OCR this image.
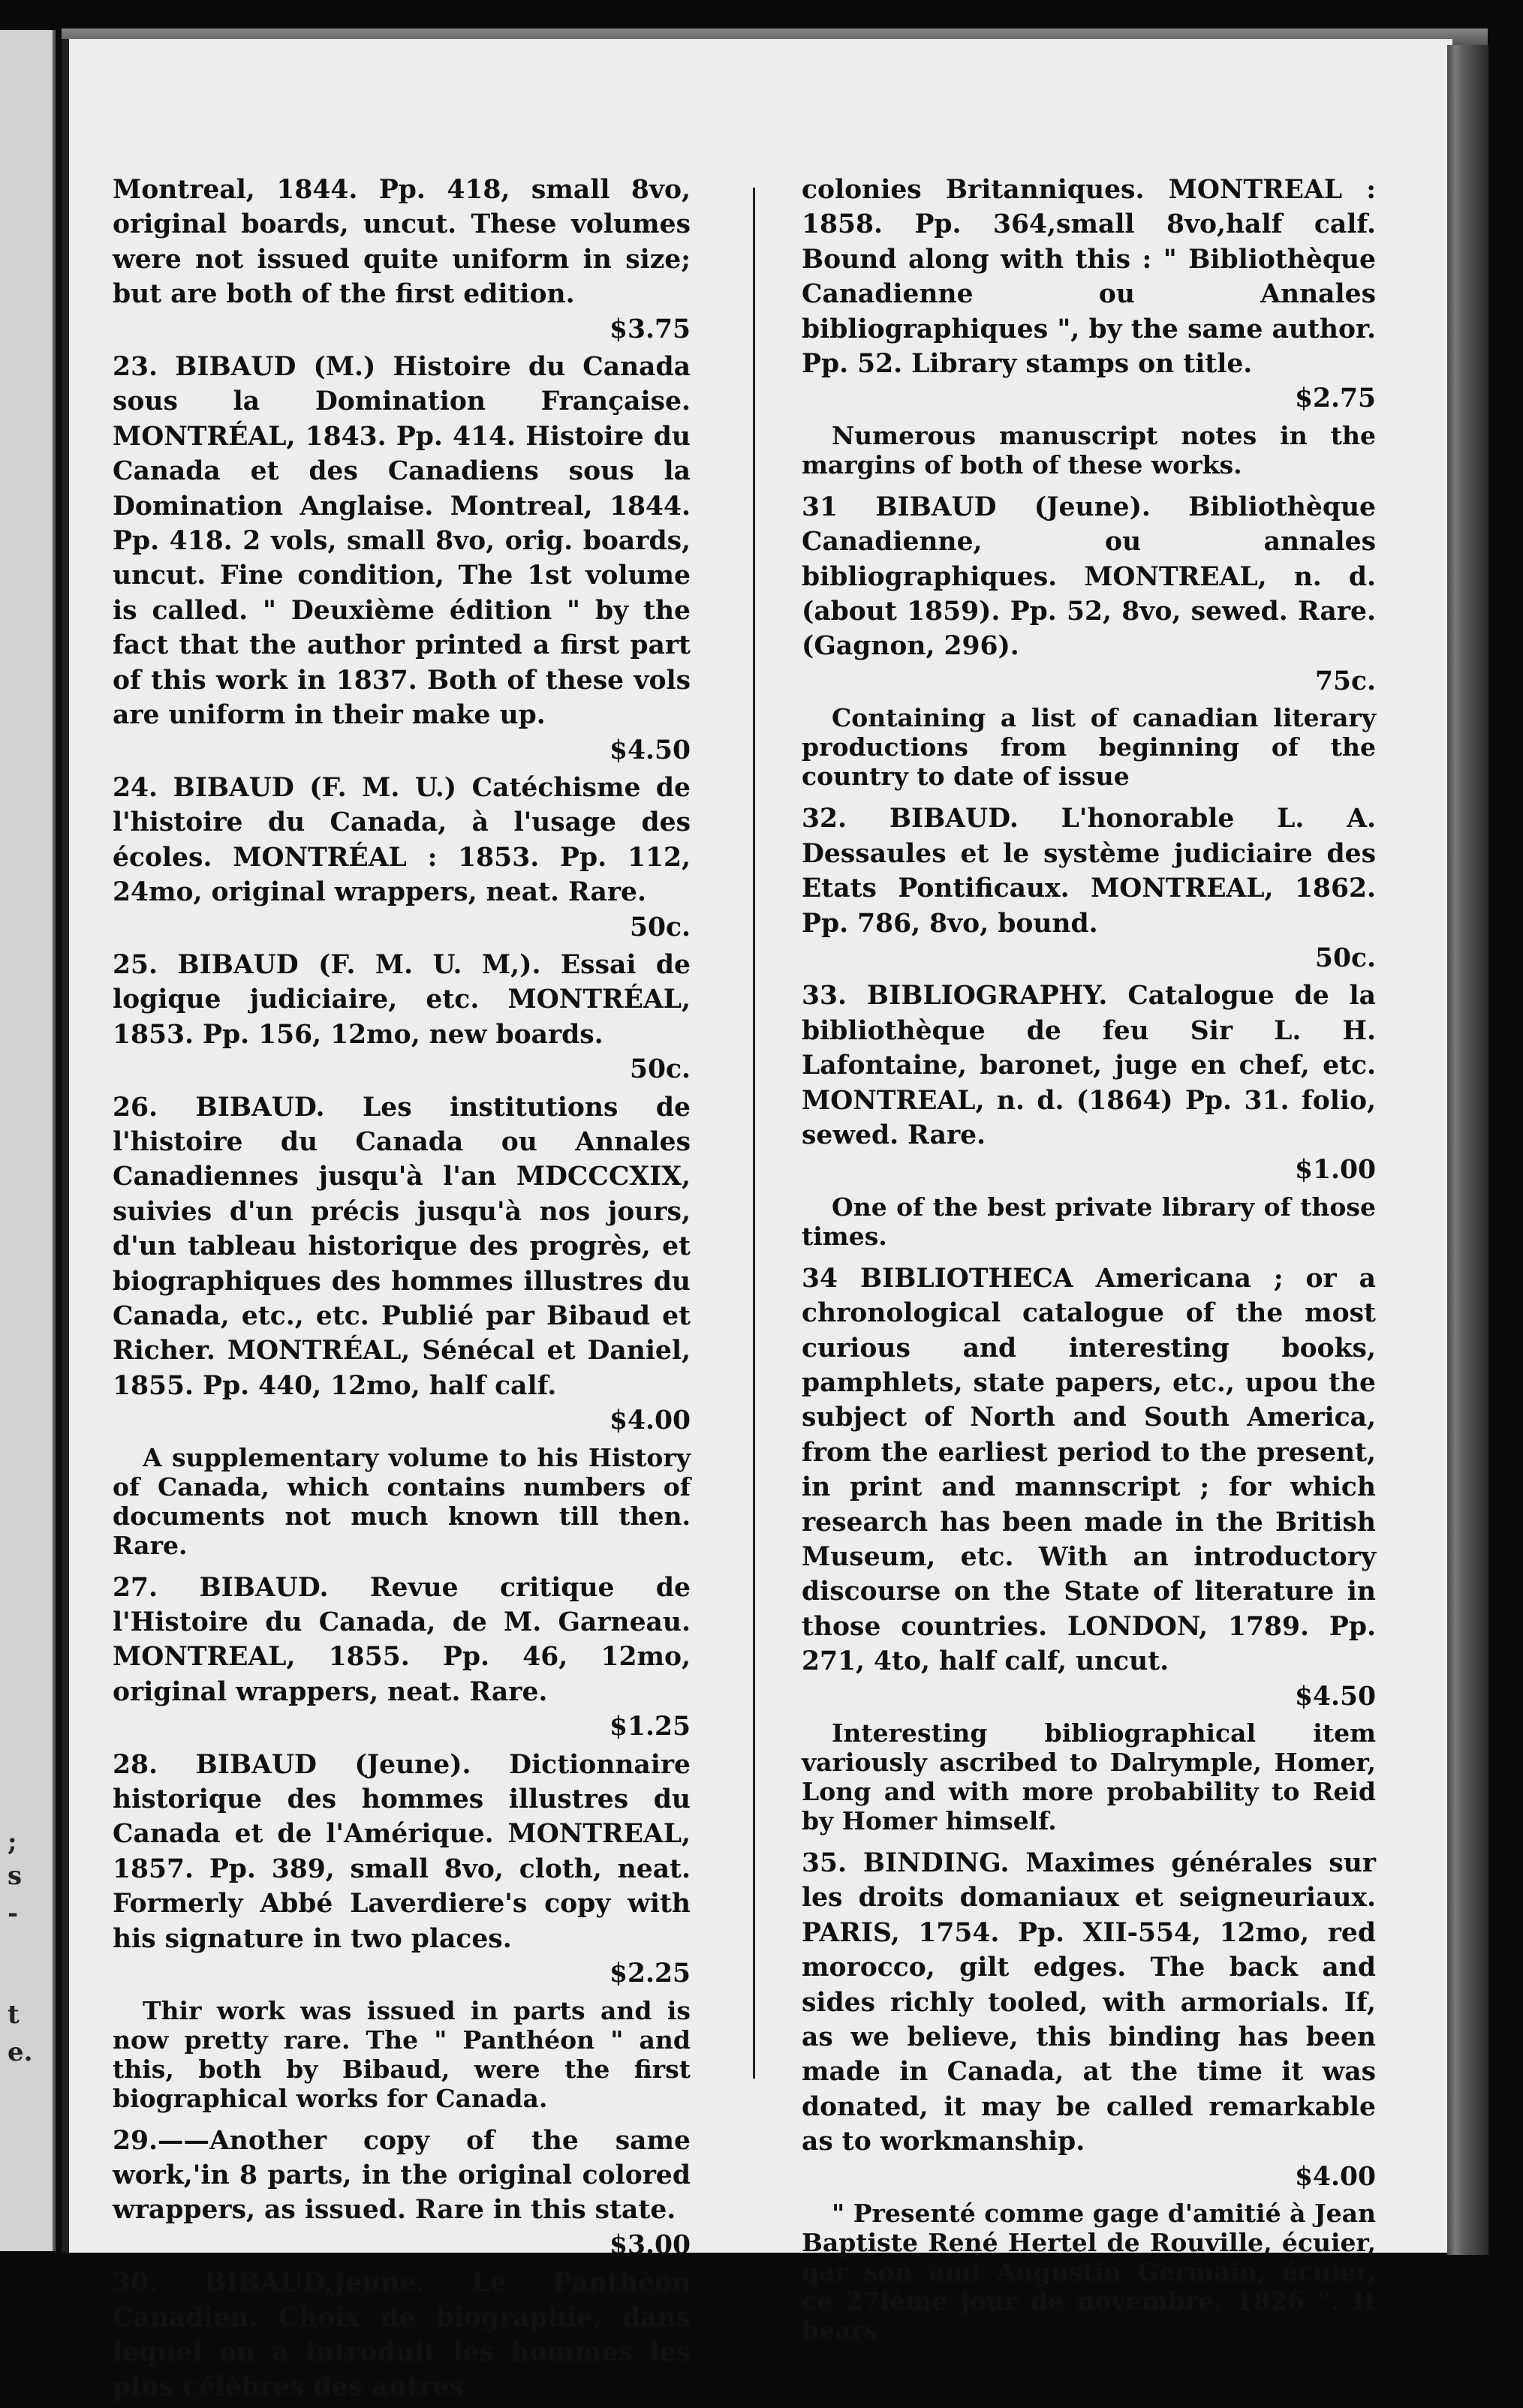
;
s
-
t
e.
Montreal, 1844. Pp. 418, small 8vo, original boards, uncut. These volumes were not issued quite uniform in size; but are both of the first edition.
$3.75
23. BIBAUD (M.) Histoire du Canada sous la Domination Française. MONTRÉAL, 1843. Pp. 414. Histoire du Canada et des Canadiens sous la Domination Anglaise. Montreal, 1844. Pp. 418. 2 vols, small 8vo, orig. boards, uncut. Fine condition, The 1st volume is called. " Deuxième édition " by the fact that the author printed a first part of this work in 1837. Both of these vols are uniform in their make up.
$4.50
24. BIBAUD (F. M. U.) Catéchisme de l'histoire du Canada, à l'usage des écoles. MONTRÉAL : 1853. Pp. 112, 24mo, original wrappers, neat. Rare.
50c.
25. BIBAUD (F. M. U. M,). Essai de logique judiciaire, etc. MONTRÉAL, 1853. Pp. 156, 12mo, new boards.
50c.
26. BIBAUD. Les institutions de l'histoire du Canada ou Annales Canadiennes jusqu'à l'an MDCCCXIX, suivies d'un précis jusqu'à nos jours, d'un tableau historique des progrès, et biographiques des hommes illustres du Canada, etc., etc. Publié par Bibaud et Richer. MONTRÉAL, Sénécal et Daniel, 1855. Pp. 440, 12mo, half calf.
$4.00
A supplementary volume to his History of Canada, which contains numbers of documents not much known till then. Rare.
27. BIBAUD. Revue critique de l'Histoire du Canada, de M. Garneau. MONTREAL, 1855. Pp. 46, 12mo, original wrappers, neat. Rare.
$1.25
28. BIBAUD (Jeune). Dictionnaire historique des hommes illustres du Canada et de l'Amérique. MONTREAL, 1857. Pp. 389, small 8vo, cloth, neat. Formerly Abbé Laverdiere's copy with his signature in two places.
$2.25
Thir work was issued in parts and is now pretty rare. The " Panthéon " and this, both by Bibaud, were the first biographical works for Canada.
29.——Another copy of the same work,'in 8 parts, in the original colored wrappers, as issued. Rare in this state.
$3.00
30. BIBAUD,Jeune. Le Panthéon Canadien. Choix de biographie, dans lequel on a introduit les hommes les plus célèbres des autres
colonies Britanniques. MONTREAL : 1858. Pp. 364,small 8vo,half calf. Bound along with this : " Bibliothèque Canadienne ou Annales bibliographiques ", by the same author. Pp. 52. Library stamps on title.
$2.75
Numerous manuscript notes in the margins of both of these works.
31 BIBAUD (Jeune). Bibliothèque Canadienne, ou annales bibliographiques. MONTREAL, n. d. (about 1859). Pp. 52, 8vo, sewed. Rare. (Gagnon, 296).
75c.
Containing a list of canadian literary productions from beginning of the country to date of issue
32. BIBAUD. L'honorable L. A. Dessaules et le système judiciaire des Etats Pontificaux. MONTREAL, 1862. Pp. 786, 8vo, bound.
50c.
33. BIBLIOGRAPHY. Catalogue de la bibliothèque de feu Sir L. H. Lafontaine, baronet, juge en chef, etc. MONTREAL, n. d. (1864) Pp. 31. folio, sewed. Rare.
$1.00
One of the best private library of those times.
34 BIBLIOTHECA Americana ; or a chronological catalogue of the most curious and interesting books, pamphlets, state papers, etc., upou the subject of North and South America, from the earliest period to the present, in print and mannscript ; for which research has been made in the British Museum, etc. With an introductory discourse on the State of literature in those countries. LONDON, 1789. Pp. 271, 4to, half calf, uncut.
$4.50
Interesting bibliographical item variously ascribed to Dalrymple, Homer, Long and with more probability to Reid by Homer himself.
35. BINDING. Maximes générales sur les droits domaniaux et seigneuriaux. PARIS, 1754. Pp. XII-554, 12mo, red morocco, gilt edges. The back and sides richly tooled, with armorials. If, as we believe, this binding has been made in Canada, at the time it was donated, it may be called remarkable as to workmanship.
$4.00
" Presenté comme gage d'amitié à Jean Baptiste René Hertel de Rouville, écuier, qar son ami Augustin Germain, écuier, ce 27ième jour de novembre, 1826 ". It bears
